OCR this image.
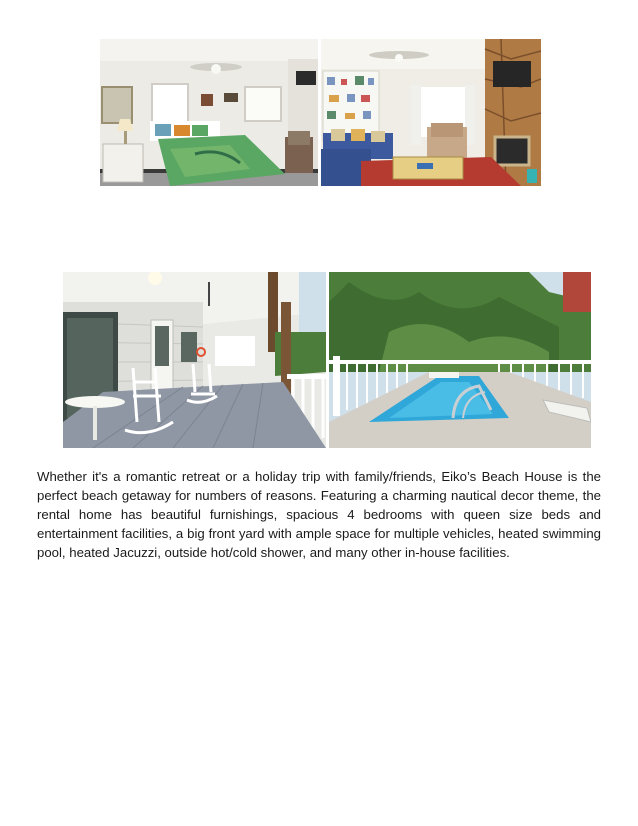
Whether it's a romantic retreat or a holiday trip with family/friends, Eiko’s Beach House is the perfect beach getaway for numbers of reasons. Featuring a charming nautical decor theme, the rental home has beautiful furnishings, spacious 4 bedrooms with queen size beds and entertainment facilities, a big front yard with ample space for multiple vehicles, heated swimming pool, heated Jacuzzi, outside hot/cold shower, and many other in-house facilities.
